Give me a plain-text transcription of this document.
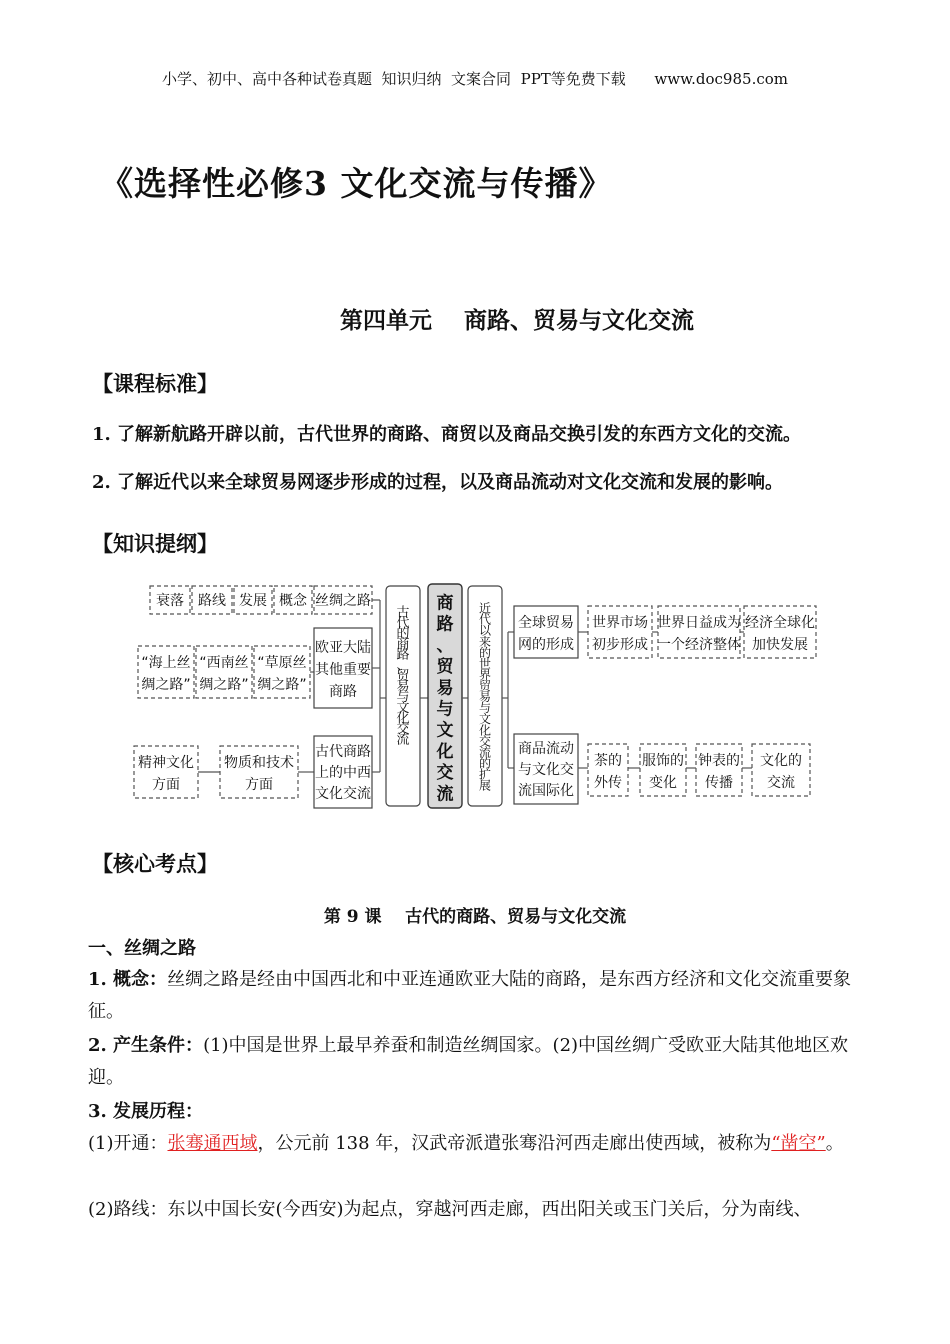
小学、初中、高中各种试卷真题  知识归纳  文案合同  PPT等免费下载      www.doc985.com
《选择性必修3 文化交流与传播》
第四单元    商路、贸易与文化交流
【课程标准】
1. 了解新航路开辟以前，古代世界的商路、商贸以及商品交换引发的东西方文化的交流。
2. 了解近代以来全球贸易网逐步形成的过程，以及商品流动对文化交流和发展的影响。
【知识提纲】
衰落 路线 发展 概念 丝绸之路
“海上丝
绸之路”
“西南丝
绸之路”
“草原丝
绸之路”
欧亚大陆
其他重要
商路
精神文化
方面
物质和技术
方面
古代商路
上的中西
文化交流
古
代
的
商
路
、
贸
易
与
文
化
交
流
商
路
、
贸
易
与
文
化
交
流
近
代
以
来
的
世
界
贸
易
与
文
化
交
流
的
扩
展
全球贸易
网的形成
世界市场
初步形成
世界日益成为
一个经济整体
经济全球化
加快发展
商品流动
与文化交
流国际化
茶的
外传
服饰的
变化
钟表的
传播
文化的
交流
【核心考点】
第 9 课    古代的商路、贸易与文化交流
一、丝绸之路
1. 概念：丝绸之路是经由中国西北和中亚连通欧亚大陆的商路，是东西方经济和文化交流重要象征。
2. 产生条件：(1)中国是世界上最早养蚕和制造丝绸国家。(2)中国丝绸广受欧亚大陆其他地区欢迎。
3. 发展历程：
(1)开通：张骞通西域，公元前 138 年，汉武帝派遣张骞沿河西走廊出使西域，被称为“凿空”。
(2)路线：东以中国长安(今西安)为起点，穿越河西走廊，西出阳关或玉门关后，分为南线、
